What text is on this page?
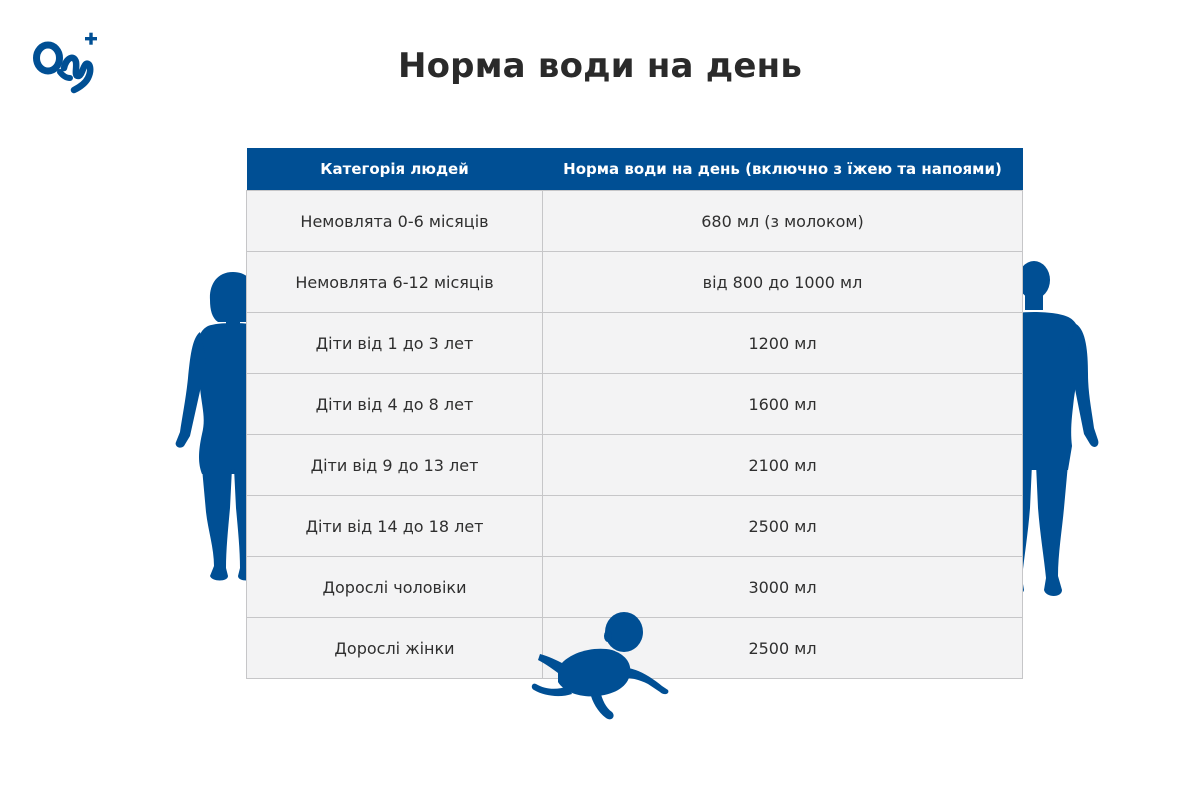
Норма води на день
Категорія людей	Норма води на день (включно з їжею та напоями)
Немовлята 0-6 місяців	680 мл (з молоком)
Немовлята 6-12 місяців	від 800 до 1000 мл
Діти від 1 до 3 лет	1200 мл
Діти від 4 до 8 лет	1600 мл
Діти від 9 до 13 лет	2100 мл
Діти від 14 до 18 лет	2500 мл
Дорослі чоловіки	3000 мл
Дорослі жінки	2500 мл
